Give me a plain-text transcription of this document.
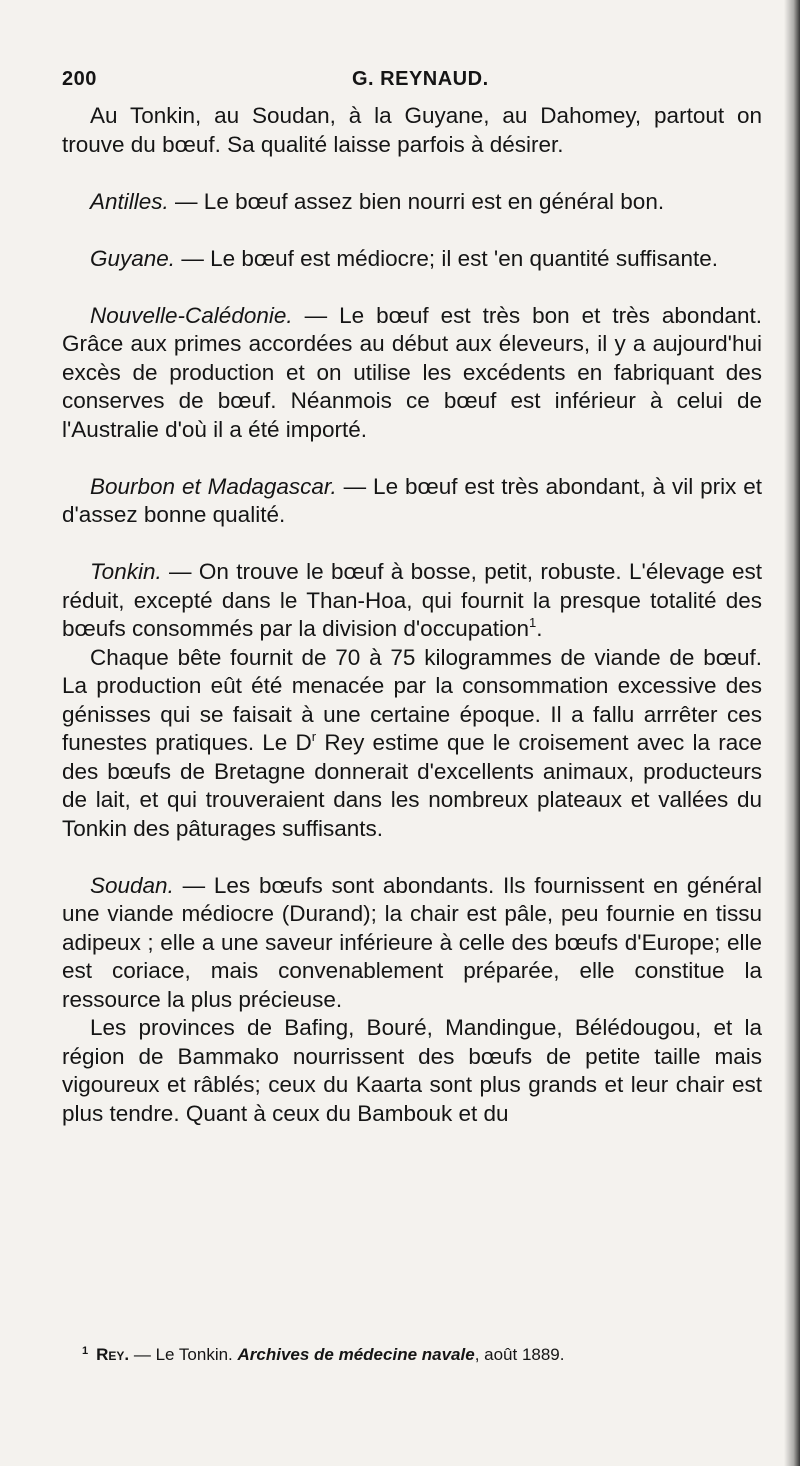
200	G. REYNAUD.

Au Tonkin, au Soudan, à la Guyane, au Dahomey, partout on trouve du bœuf. Sa qualité laisse parfois à désirer.

Antilles. — Le bœuf assez bien nourri est en général bon.

Guyane. — Le bœuf est médiocre; il est 'en quantité suffisante.

Nouvelle-Calédonie. — Le bœuf est très bon et très abondant. Grâce aux primes accordées au début aux éleveurs, il y a aujourd'hui excès de production et on utilise les excédents en fabriquant des conserves de bœuf. Néanmois ce bœuf est inférieur à celui de l'Australie d'où il a été importé.

Bourbon et Madagascar. — Le bœuf est très abondant, à vil prix et d'assez bonne qualité.

Tonkin. — On trouve le bœuf à bosse, petit, robuste. L'élevage est réduit, excepté dans le Than-Hoa, qui fournit la presque totalité des bœufs consommés par la division d'occupation$^1$.

Chaque bête fournit de 70 à 75 kilogrammes de viande de bœuf. La production eût été menacée par la consommation excessive des génisses qui se faisait à une certaine époque. Il a fallu arrrêter ces funestes pratiques. Le $D^r$ Rey estime que le croisement avec la race des bœufs de Bretagne donnerait d'excellents animaux, producteurs de lait, et qui trouveraient dans les nombreux plateaux et vallées du Tonkin des pâturages suffisants.

Soudan. — Les bœufs sont abondants. Ils fournissent en général une viande médiocre (Durand); la chair est pâle, peu fournie en tissu adipeux ; elle a une saveur inférieure à celle des bœufs d'Europe; elle est coriace, mais convenablement préparée, elle constitue la ressource la plus précieuse.

Les provinces de Bafing, Bouré, Mandingue, Bélédougou, et la région de Bammako nourrissent des bœufs de petite taille mais vigoureux et râblés; ceux du Kaarta sont plus grands et leur chair est plus tendre. Quant à ceux du Bambouk et du

$^1$ Rey. — Le Tonkin. Archives de médecine navale, août 1889.
